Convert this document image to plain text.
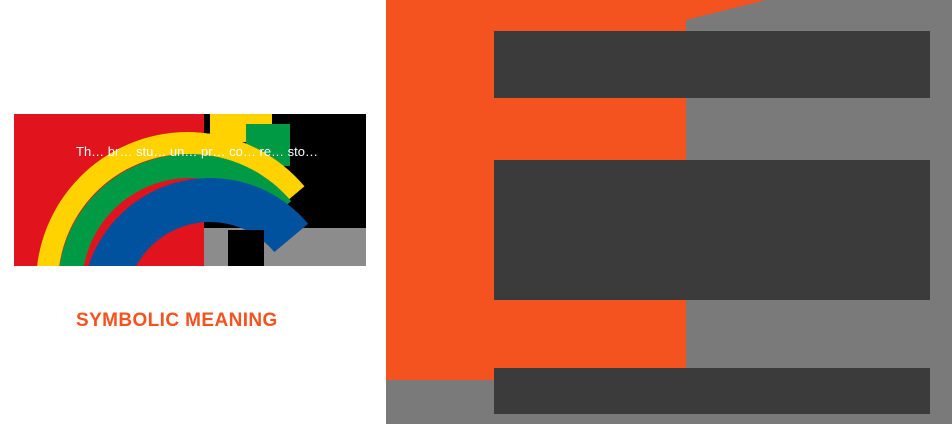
"J… Zh… si…

Th… br… stu… un… pr… co… re… sto…

SYMBOLIC MEANING

F… e… s…
